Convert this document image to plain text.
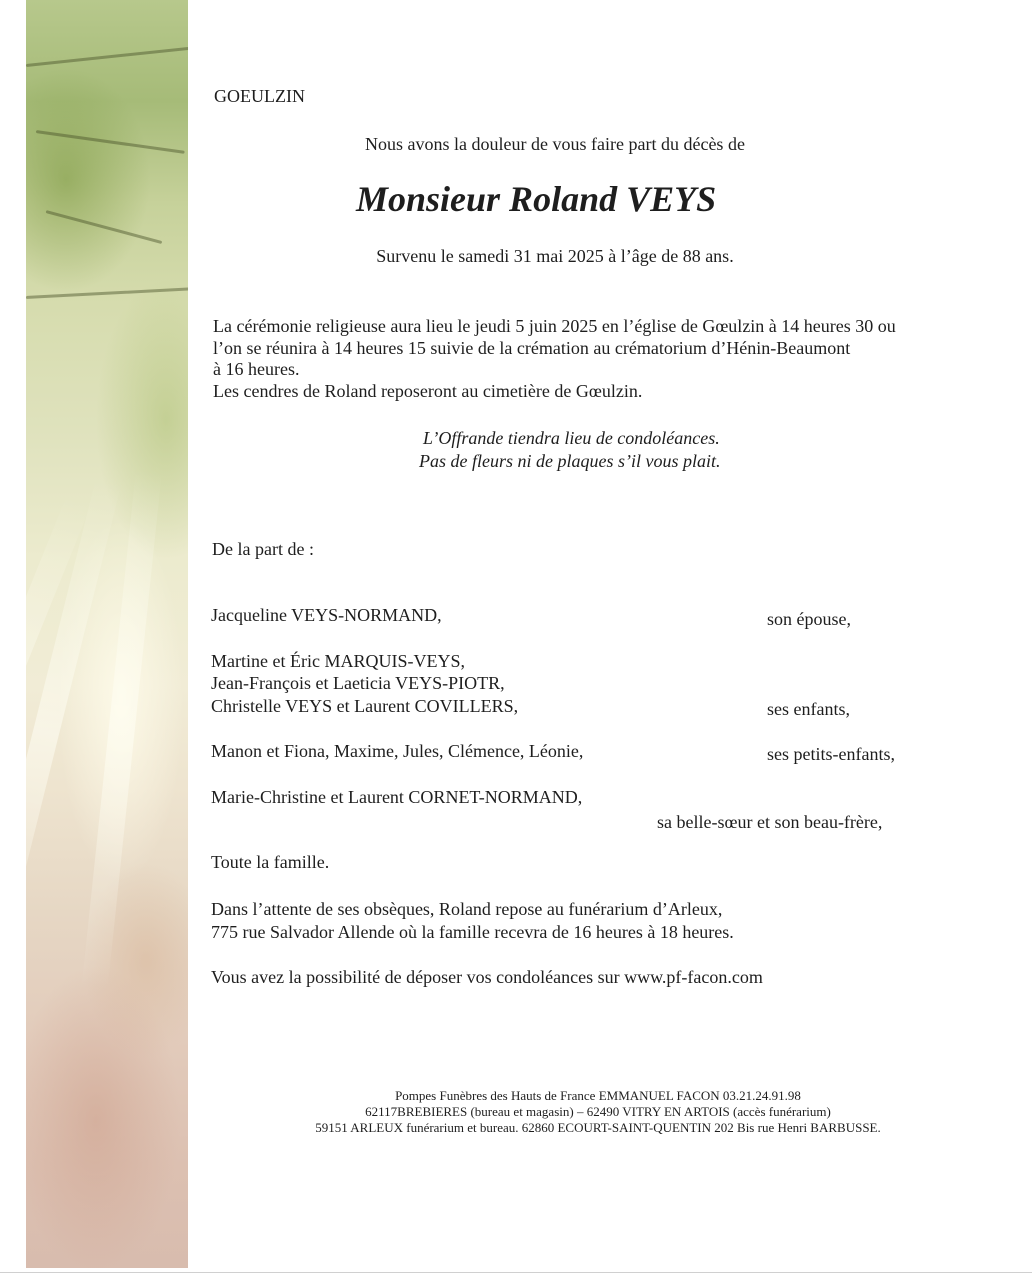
GOEULZIN
Nous avons la douleur de vous faire part du décès de
Monsieur Roland VEYS
Survenu le samedi 31 mai 2025 à l’âge de 88 ans.
La cérémonie religieuse aura lieu le jeudi 5 juin 2025 en l’église de Gœulzin à 14 heures 30 ou
l’on se réunira à 14 heures 15 suivie de la crémation au crématorium d’Hénin-Beaumont
à 16 heures.
Les cendres de Roland reposeront au cimetière de Gœulzin.
L’Offrande tiendra lieu de condoléances.
Pas de fleurs ni de plaques s’il vous plait.
De la part de :
Jacqueline VEYS-NORMAND,	son épouse,
Martine et Éric MARQUIS-VEYS,
Jean-François et Laeticia VEYS-PIOTR,
Christelle VEYS et Laurent COVILLERS,	ses enfants,
Manon et Fiona, Maxime, Jules, Clémence, Léonie,	ses petits-enfants,
Marie-Christine et Laurent CORNET-NORMAND,
sa belle-sœur et son beau-frère,
Toute la famille.
Dans l’attente de ses obsèques, Roland repose au funérarium d’Arleux,
775 rue Salvador Allende où la famille recevra de 16 heures à 18 heures.
Vous avez la possibilité de déposer vos condoléances sur www.pf-facon.com
Pompes Funèbres des Hauts de France EMMANUEL FACON 03.21.24.91.98
62117BREBIERES (bureau et magasin) – 62490 VITRY EN ARTOIS (accès funérarium)
59151 ARLEUX funérarium et bureau. 62860 ECOURT-SAINT-QUENTIN 202 Bis rue Henri BARBUSSE.
